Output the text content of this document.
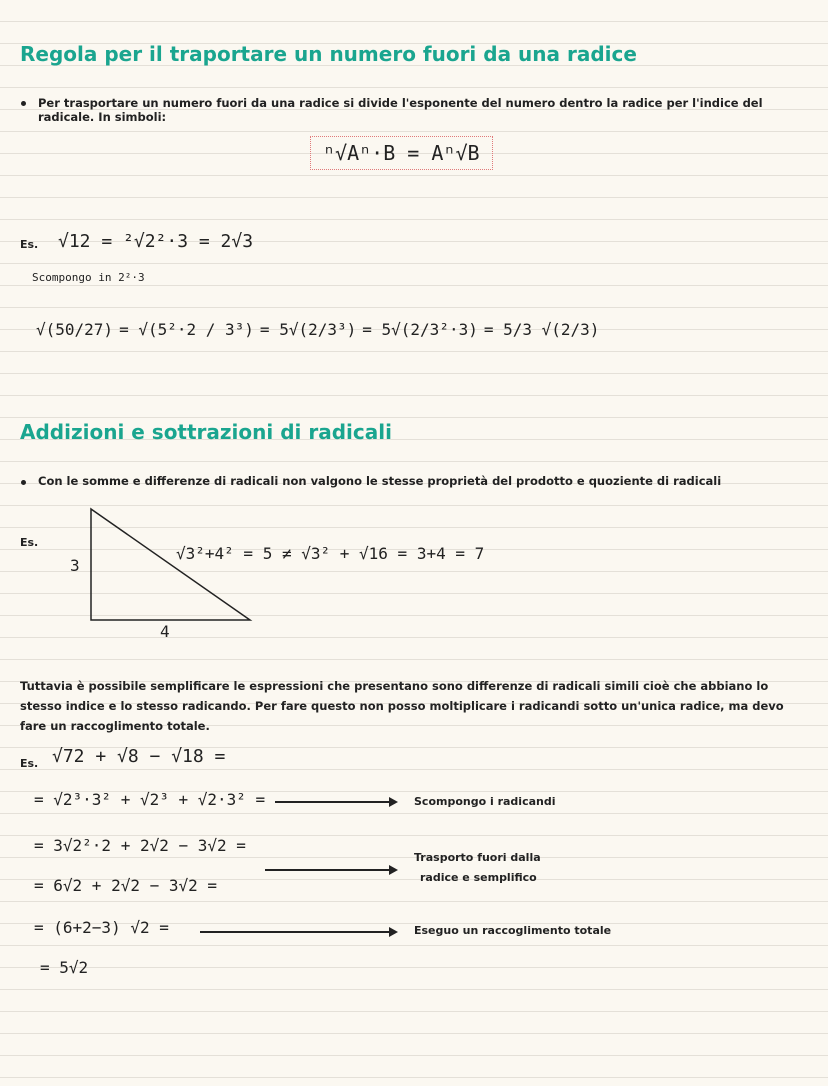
Regola per il traportare un numero fuori da una radice
Per trasportare un numero fuori da una radice si divide l'esponente del numero dentro la radice per l'indice del radicale. In simboli:
ⁿ√Aⁿ·B = Aⁿ√B
Es. √12 = ²√2²·3 = 2√3
Scompongo in 2²·3
√(50/27) = √(5²·2 / 3³) = 5√(2/3³) = 5√(2/3²·3) = 5/3 √(2/3)
Addizioni e sottrazioni di radicali
Con le somme e differenze di radicali non valgono le stesse proprietà del prodotto e quoziente di radicali
Es.
3
4
√3²+4² = 5 ≠ √3² + √16 = 3+4 = 7
Tuttavia è possibile semplificare le espressioni che presentano sono differenze di radicali simili cioè che abbiano lo stesso indice e lo stesso radicando. Per fare questo non posso moltiplicare i radicandi sotto un'unica radice, ma devo fare un raccoglimento totale.
Es. √72 + √8 − √18 =
= √2³·3² + √2³ + √2·3² =
= 3√2²·2 + 2√2 − 3√2 =
= 6√2 + 2√2 − 3√2 =
= (6+2−3) √2 =
= 5√2
Scompongo i radicandi
Trasporto fuori dalla
radice e semplifico
Eseguo un raccoglimento totale
